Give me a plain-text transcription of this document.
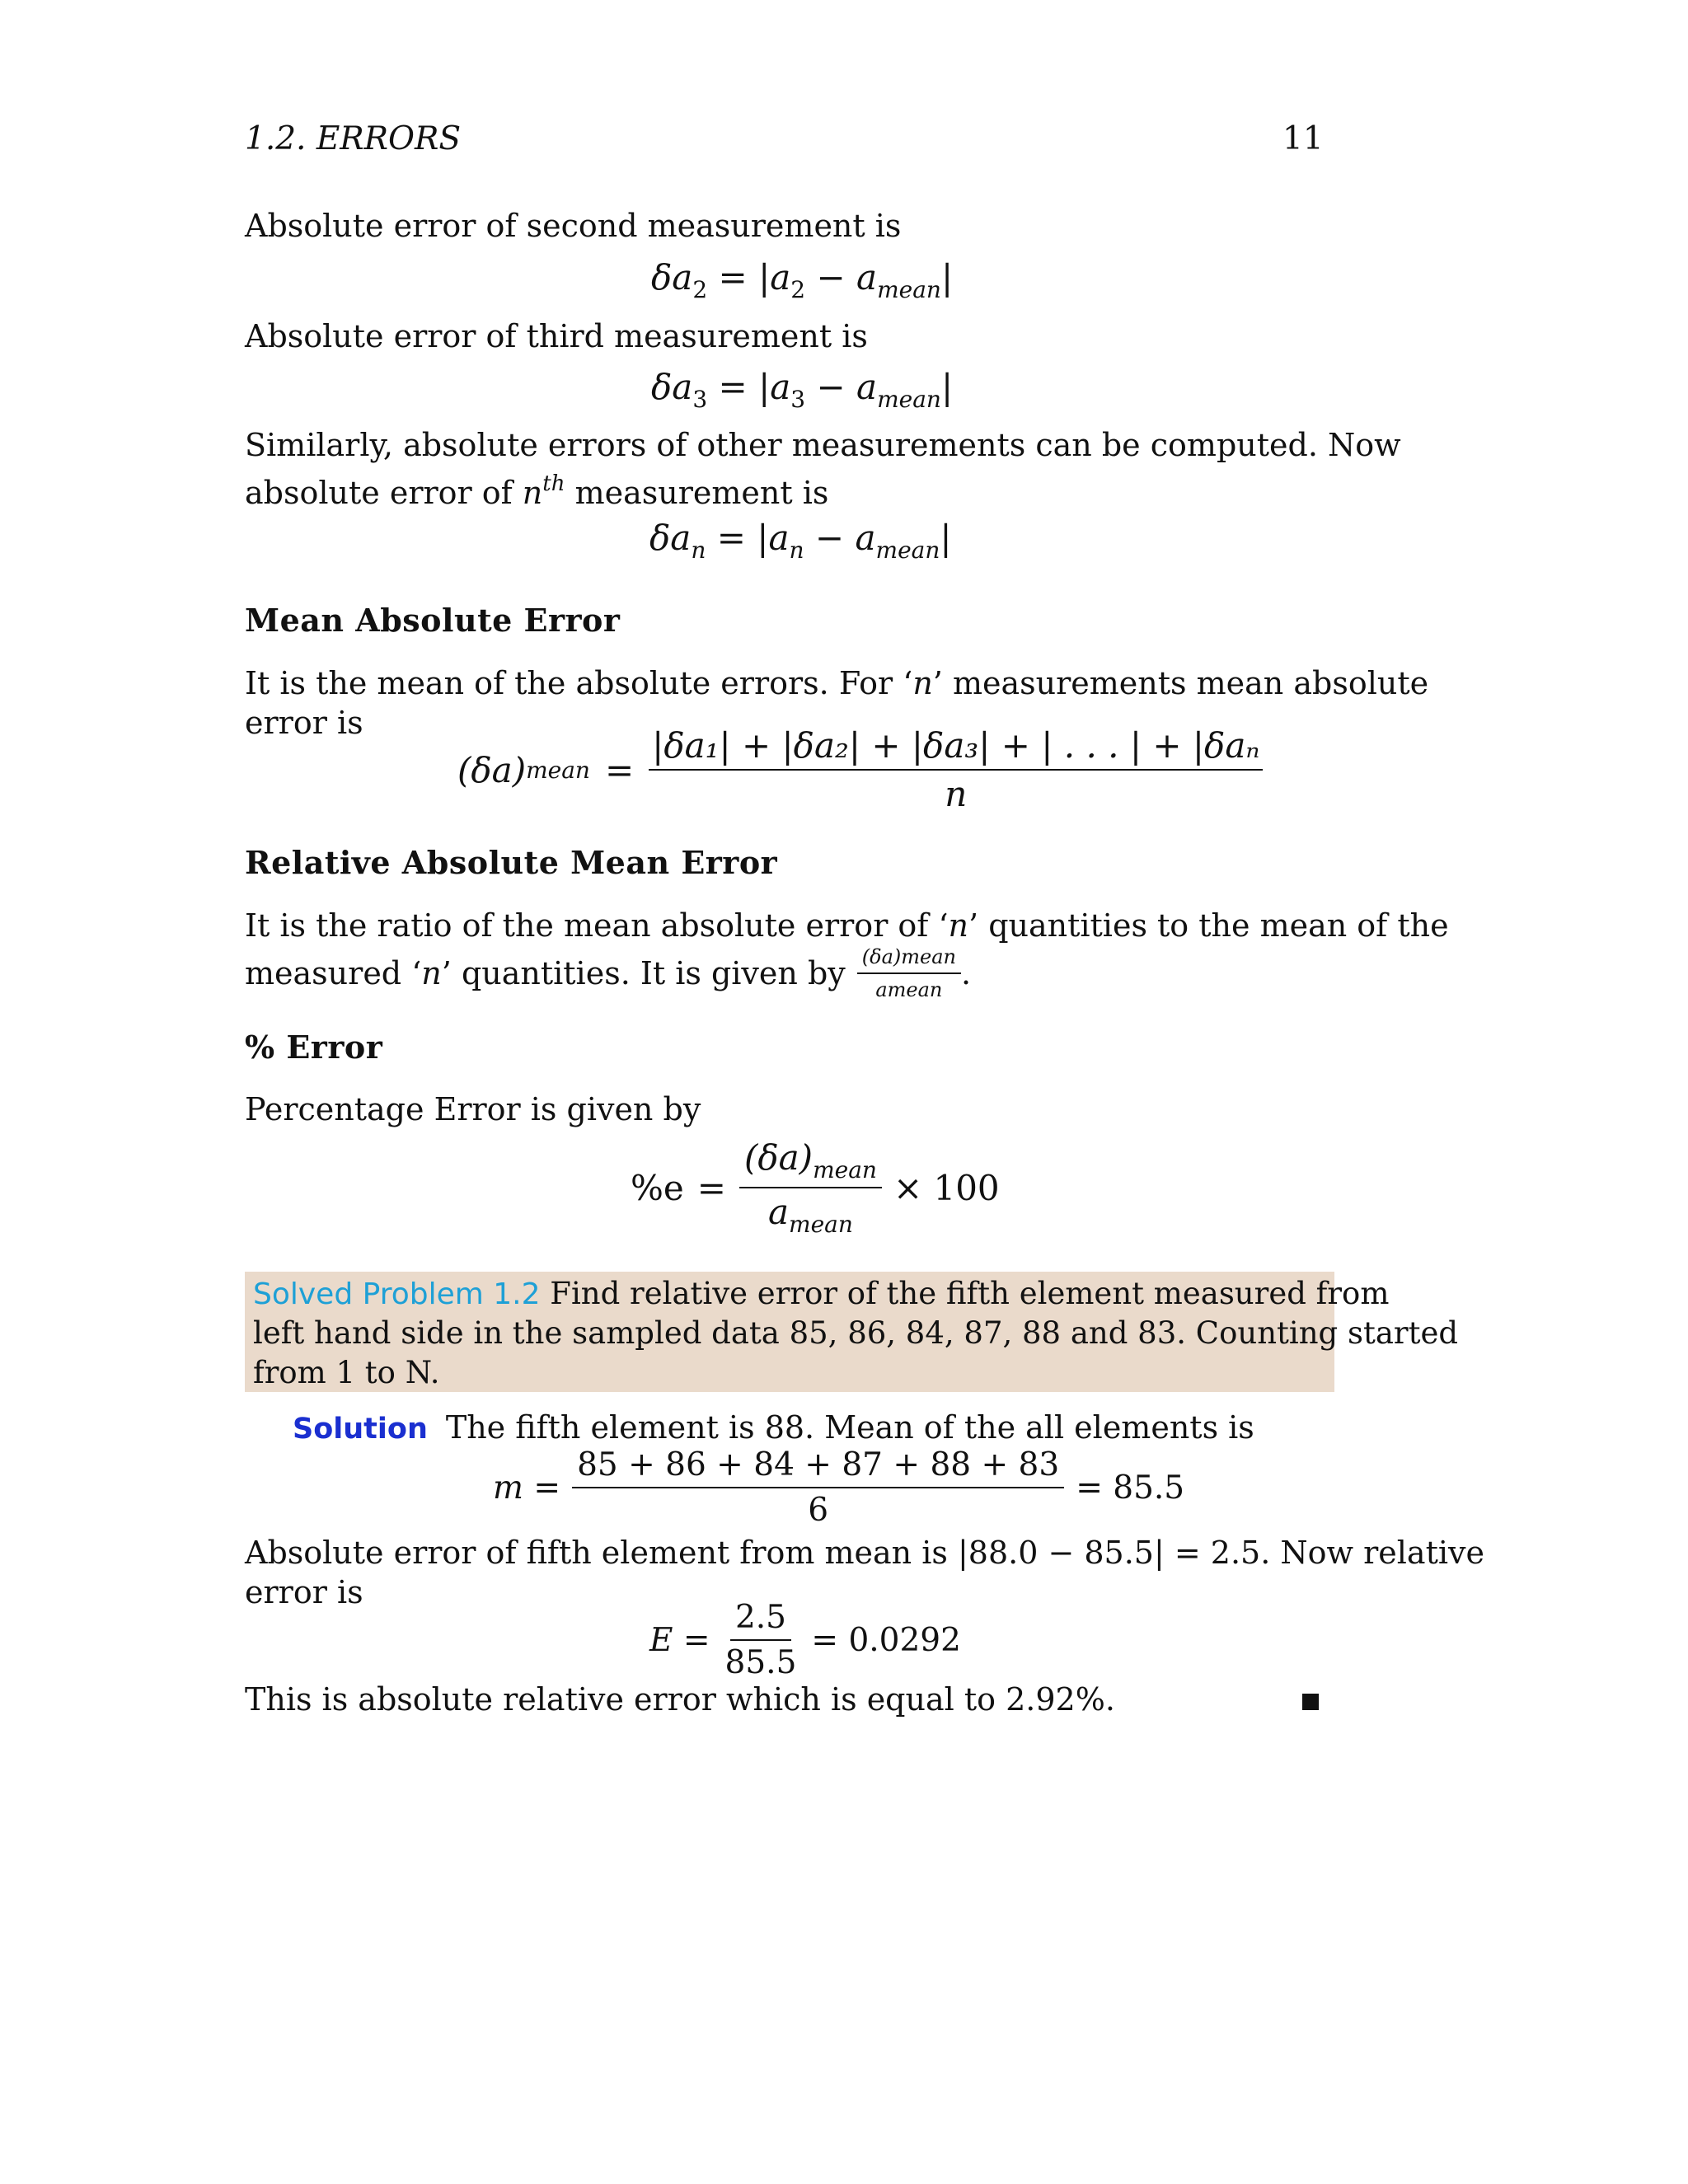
1.2. ERRORS	11
Absolute error of second measurement is
$\delta a_2 = |a_2 - a_{mean}|$
Absolute error of third measurement is
$\delta a_3 = |a_3 - a_{mean}|$
Similarly, absolute errors of other measurements can be computed. Now
absolute error of $n^{th}$ measurement is
$\delta a_n = |a_n - a_{mean}|$
Mean Absolute Error
It is the mean of the absolute errors. For ‘n’ measurements mean absolute
error is
(δa) mean = $\frac{\text{|δa₁| + |δa₂| + |δa₃| + | . . . | + |δaₙ}}{n}$
Relative Absolute Mean Error
It is the ratio of the mean absolute error of ‘n’ quantities to the mean of the
measured ‘ n ’ quantities. It is given by $\frac{\text{(δa)mean}}{\text{amean}}$ .
% Error
Percentage Error is given by
$\%e = \frac{(\delta a)_{mean}}{a_{mean}} \times 100$
Solved Problem 1.2 Find relative error of the fifth element measured from
left hand side in the sampled data 85, 86, 84, 87, 88 and 83. Counting started
from 1 to N.
Solution The fifth element is 88. Mean of the all elements is
$m = \frac{85 + 86 + 84 + 87 + 88 + 83}{6} = 85.5$
Absolute error of fifth element from mean is |88.0 − 85.5| = 2.5. Now relative
error is
$E = \frac{2.5}{85.5} = 0.0292$
This is absolute relative error which is equal to 2.92%.
